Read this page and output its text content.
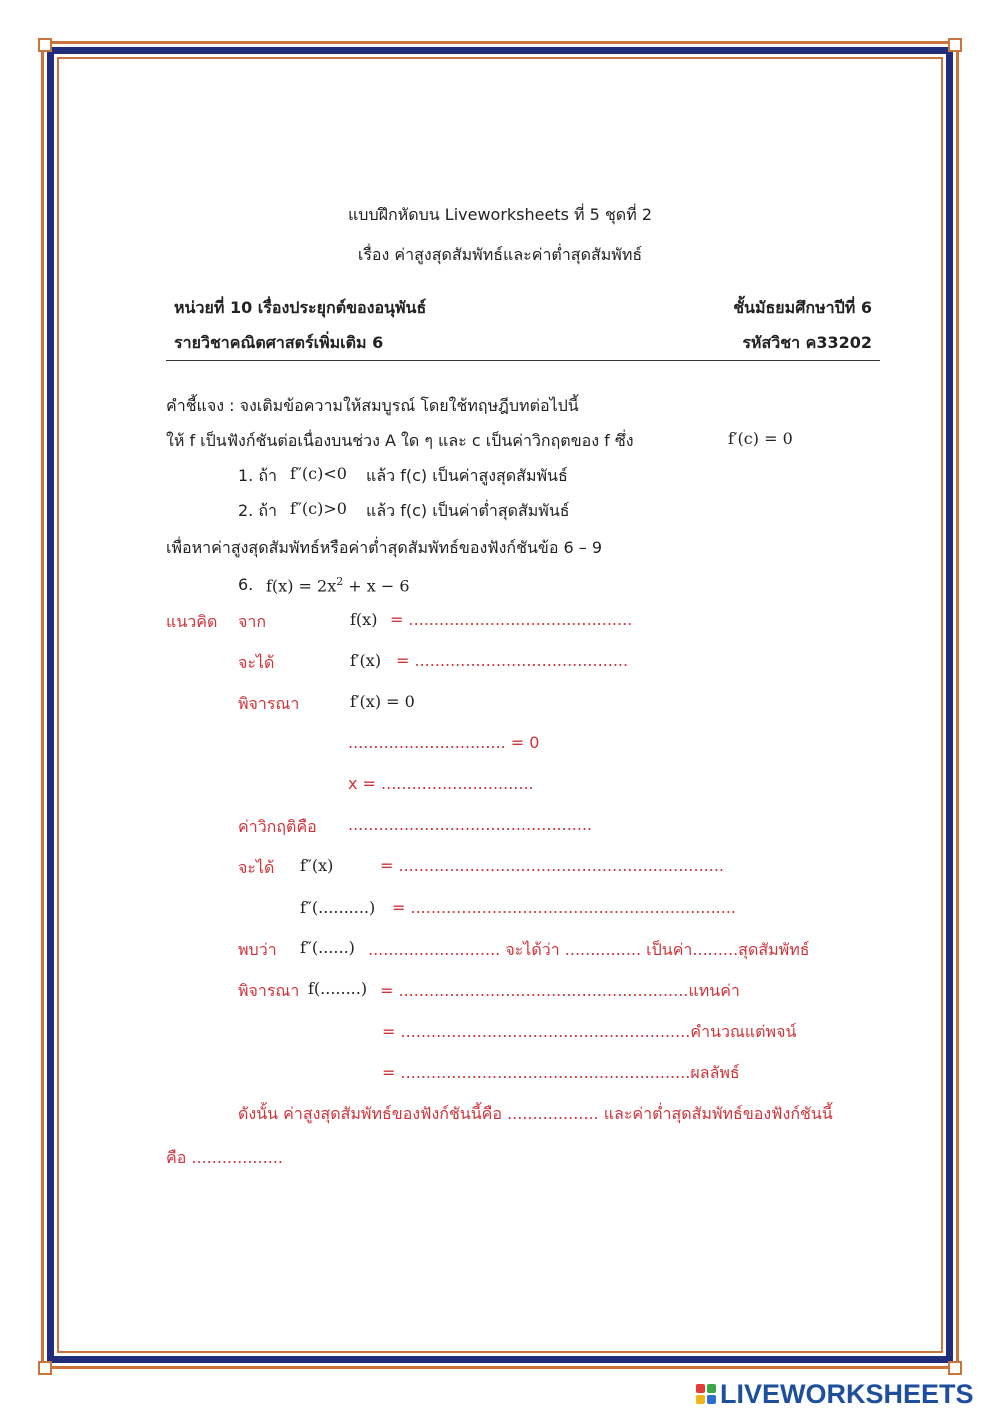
แบบฝึกหัดบน Liveworksheets ที่ 5 ชุดที่ 2
เรื่อง ค่าสูงสุดสัมพัทธ์และค่าต่ำสุดสัมพัทธ์
หน่วยที่ 10 เรื่องประยุกต์ของอนุพันธ์	ชั้นมัธยมศึกษาปีที่ 6
รายวิชาคณิตศาสตร์เพิ่มเติม 6	รหัสวิชา ค33202
คำชี้แจง : จงเติมข้อความให้สมบูรณ์ โดยใช้ทฤษฎีบทต่อไปนี้
ให้ f เป็นฟังก์ชันต่อเนื่องบนช่วง A ใด ๆ และ c เป็นค่าวิกฤตของ f ซึ่ง	f′(c) = 0
1. ถ้า f″(c)<0 แล้ว f(c) เป็นค่าสูงสุดสัมพันธ์
2. ถ้า f″(c)>0 แล้ว f(c) เป็นค่าต่ำสุดสัมพันธ์
เพื่อหาค่าสูงสุดสัมพัทธ์หรือค่าต่ำสุดสัมพัทธ์ของฟังก์ชันข้อ 6 – 9
6. $f(x) = 2x^2 + x - 6$
แนวคิด จาก	f(x) = ............................................
จะได้	f′(x) = ..........................................
พิจารณา	f′(x) = 0
............................... = 0
x = ..............................
ค่าวิกฤติคือ ................................................
จะได้ f″(x)	= ................................................................
f″(..........) = ................................................................
พบว่า f″(......) .......................... จะได้ว่า ............... เป็นค่า.........สุดสัมพัทธ์
พิจารณา f(........) = .........................................................แทนค่า
= .........................................................คำนวณแต่พจน์
= .........................................................ผลลัพธ์
ดังนั้น ค่าสูงสุดสัมพัทธ์ของฟังก์ชันนี้คือ .................. และค่าต่ำสุดสัมพัทธ์ของฟังก์ชันนี้
คือ ..................
LIVEWORKSHEETS
